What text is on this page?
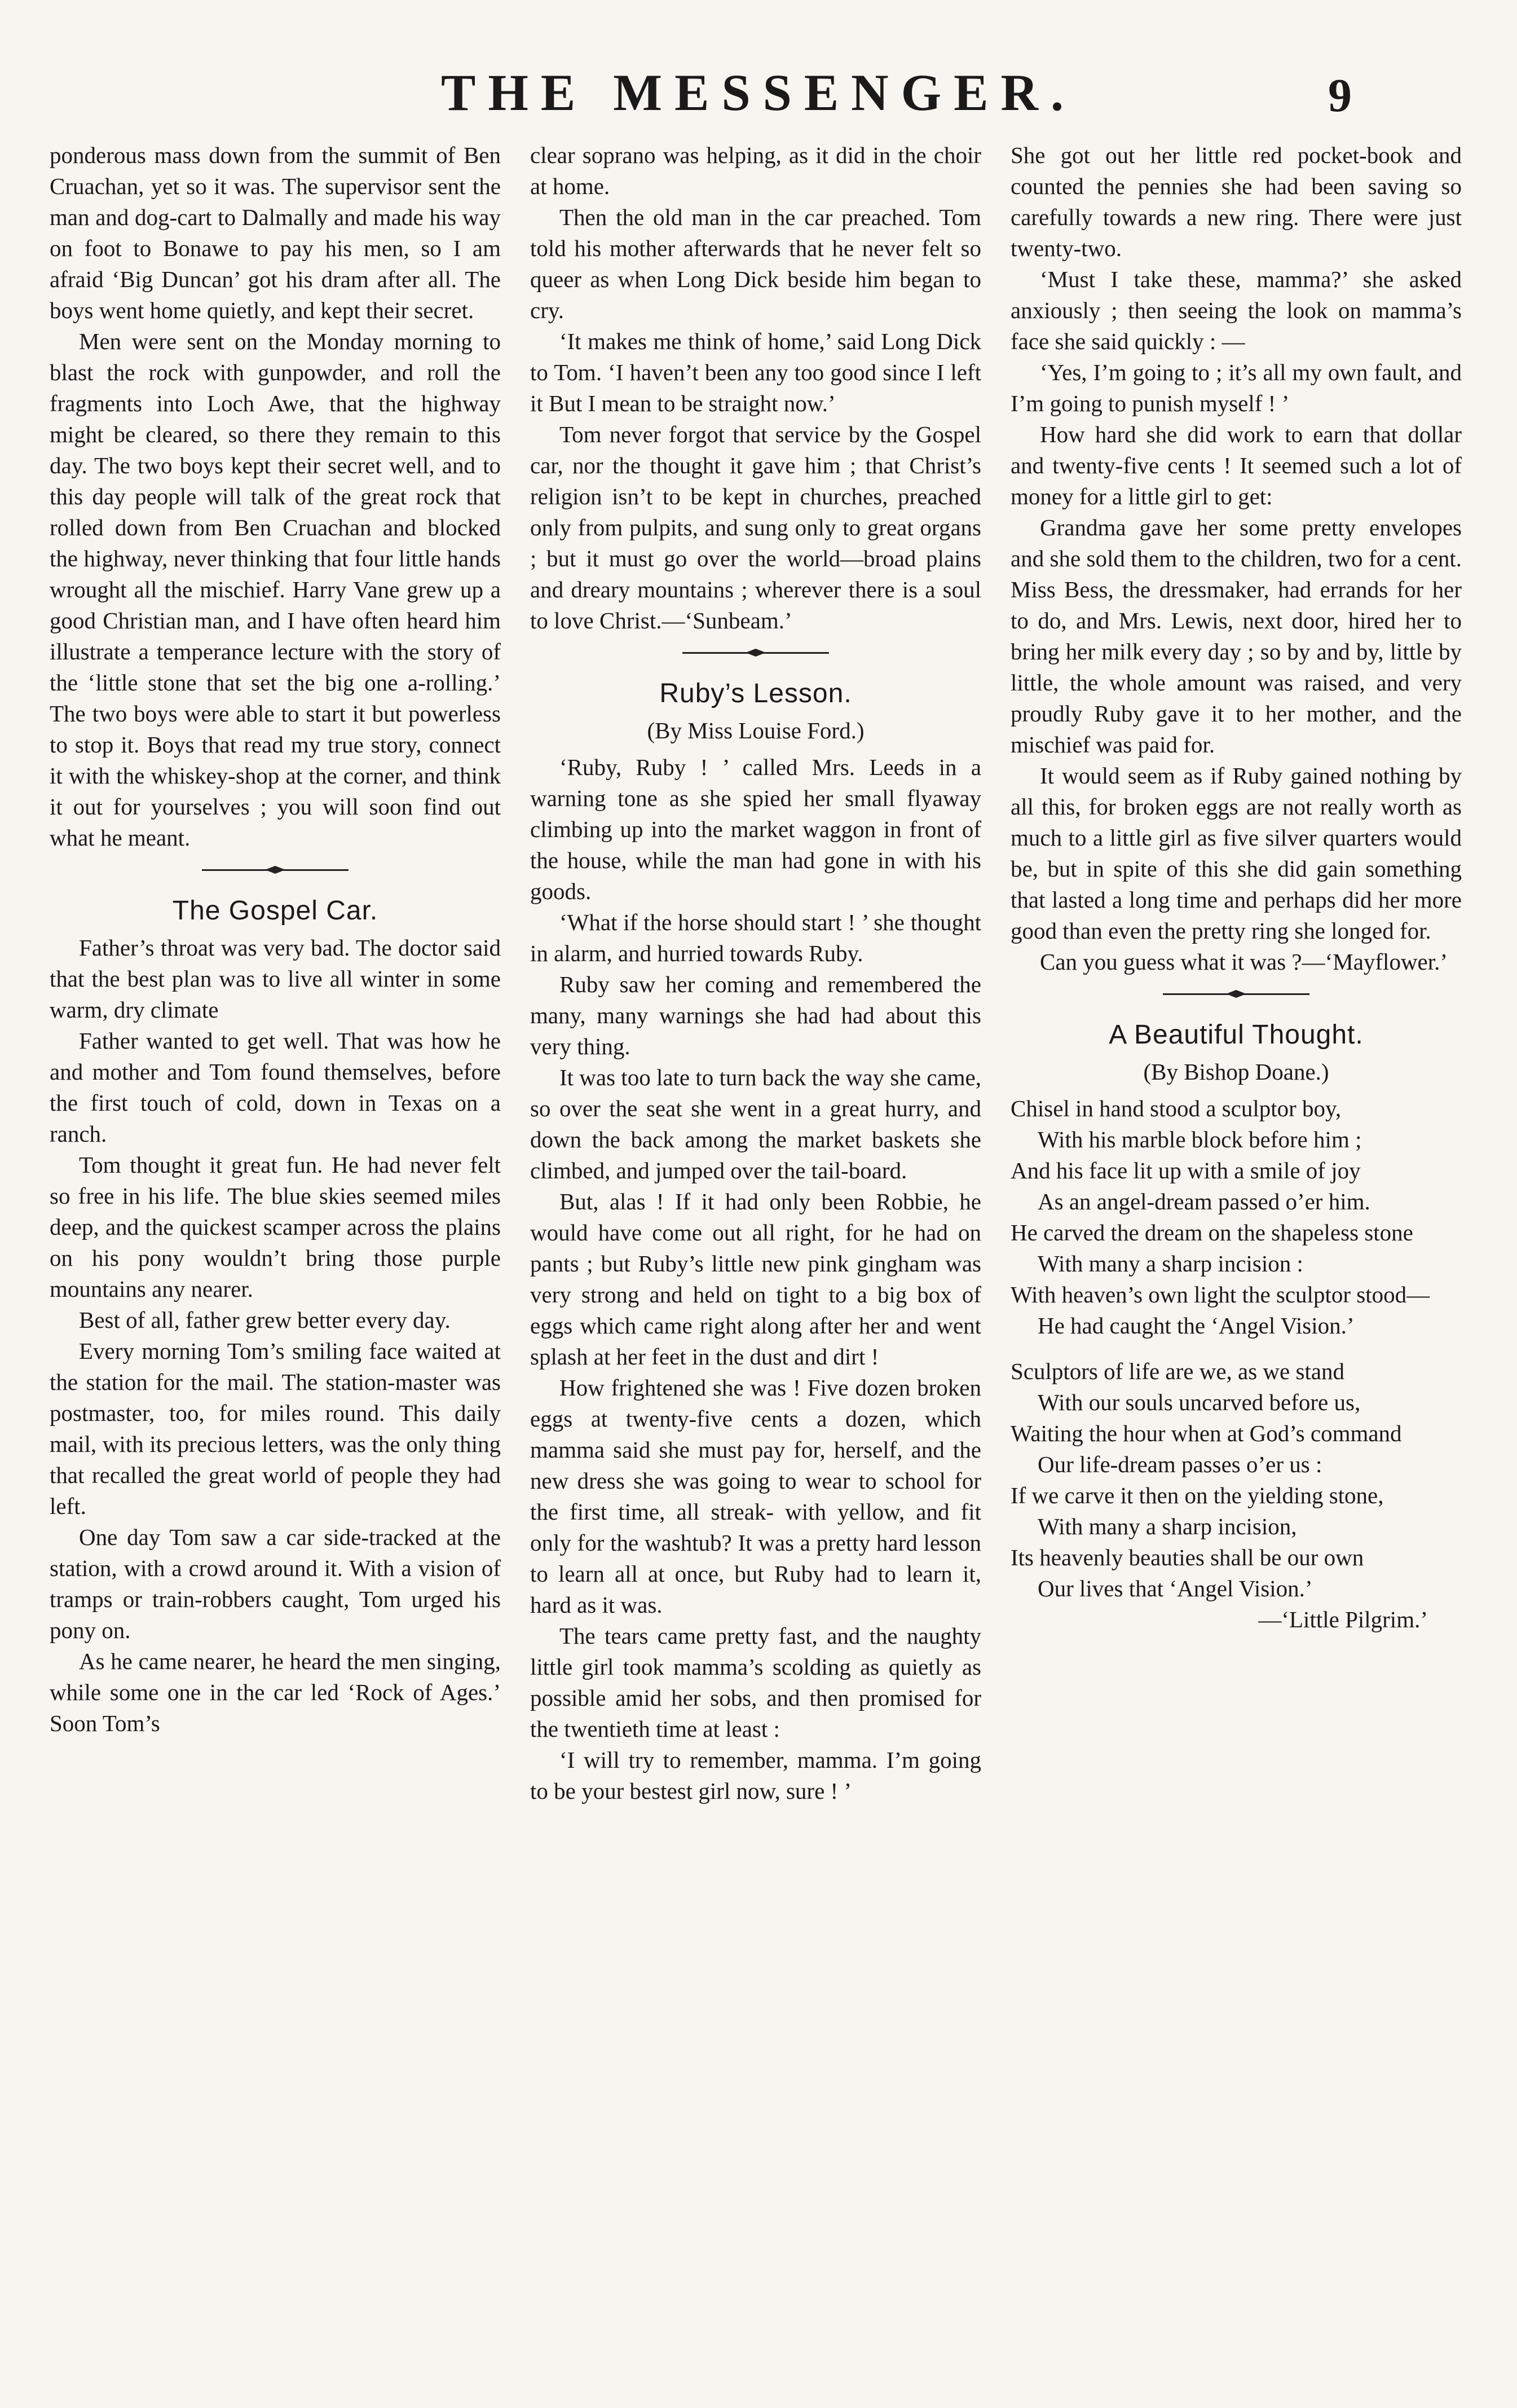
THE MESSENGER.	9

ponderous mass down from the summit of Ben Cruachan, yet so it was. The supervisor sent the man and dog-cart to Dalmally and made his way on foot to Bonawe to pay his men, so I am afraid ‘Big Duncan’ got his dram after all. The boys went home quietly, and kept their secret.

Men were sent on the Monday morning to blast the rock with gunpowder, and roll the fragments into Loch Awe, that the highway might be cleared, so there they remain to this day. The two boys kept their secret well, and to this day people will talk of the great rock that rolled down from Ben Cruachan and blocked the highway, never thinking that four little hands wrought all the mischief. Harry Vane grew up a good Christian man, and I have often heard him illustrate a temperance lecture with the story of the ‘little stone that set the big one a-rolling.’ The two boys were able to start it but powerless to stop it. Boys that read my true story, connect it with the whiskey-shop at the corner, and think it out for yourselves ; you will soon find out what he meant.

The Gospel Car.

Father’s throat was very bad. The doctor said that the best plan was to live all winter in some warm, dry climate

Father wanted to get well. That was how he and mother and Tom found themselves, before the first touch of cold, down in Texas on a ranch.

Tom thought it great fun. He had never felt so free in his life. The blue skies seemed miles deep, and the quickest scamper across the plains on his pony wouldn’t bring those purple mountains any nearer.

Best of all, father grew better every day.

Every morning Tom’s smiling face waited at the station for the mail. The station-master was postmaster, too, for miles round. This daily mail, with its precious letters, was the only thing that recalled the great world of people they had left.

One day Tom saw a car side-tracked at the station, with a crowd around it. With a vision of tramps or train-robbers caught, Tom urged his pony on.

As he came nearer, he heard the men singing, while some one in the car led ‘Rock of Ages.’ Soon Tom’s

clear soprano was helping, as it did in the choir at home.

Then the old man in the car preached. Tom told his mother afterwards that he never felt so queer as when Long Dick beside him began to cry.

‘It makes me think of home,’ said Long Dick to Tom. ‘I haven’t been any too good since I left it But I mean to be straight now.’

Tom never forgot that service by the Gospel car, nor the thought it gave him ; that Christ’s religion isn’t to be kept in churches, preached only from pulpits, and sung only to great organs ; but it must go over the world—broad plains and dreary mountains ; wherever there is a soul to love Christ.—‘Sunbeam.’

Ruby’s Lesson.
(By Miss Louise Ford.)

‘Ruby, Ruby ! ’ called Mrs. Leeds in a warning tone as she spied her small flyaway climbing up into the market waggon in front of the house, while the man had gone in with his goods.

‘What if the horse should start ! ’ she thought in alarm, and hurried towards Ruby.

Ruby saw her coming and remembered the many, many warnings she had had about this very thing.

It was too late to turn back the way she came, so over the seat she went in a great hurry, and down the back among the market baskets she climbed, and jumped over the tail-board.

But, alas ! If it had only been Robbie, he would have come out all right, for he had on pants ; but Ruby’s little new pink gingham was very strong and held on tight to a big box of eggs which came right along after her and went splash at her feet in the dust and dirt !

How frightened she was ! Five dozen broken eggs at twenty-five cents a dozen, which mamma said she must pay for, herself, and the new dress she was going to wear to school for the first time, all streak- with yellow, and fit only for the washtub? It was a pretty hard lesson to learn all at once, but Ruby had to learn it, hard as it was.

The tears came pretty fast, and the naughty little girl took mamma’s scolding as quietly as possible amid her sobs, and then promised for the twentieth time at least :

‘I will try to remember, mamma. I’m going to be your bestest girl now, sure ! ’

She got out her little red pocket-book and counted the pennies she had been saving so carefully towards a new ring. There were just twenty-two.

‘Must I take these, mamma?’ she asked anxiously ; then seeing the look on mamma’s face she said quickly : —

‘Yes, I’m going to ; it’s all my own fault, and I’m going to punish myself ! ’

How hard she did work to earn that dollar and twenty-five cents ! It seemed such a lot of money for a little girl to get:

Grandma gave her some pretty envelopes and she sold them to the children, two for a cent. Miss Bess, the dressmaker, had errands for her to do, and Mrs. Lewis, next door, hired her to bring her milk every day ; so by and by, little by little, the whole amount was raised, and very proudly Ruby gave it to her mother, and the mischief was paid for.

It would seem as if Ruby gained nothing by all this, for broken eggs are not really worth as much to a little girl as five silver quarters would be, but in spite of this she did gain something that lasted a long time and perhaps did her more good than even the pretty ring she longed for.

Can you guess what it was ?—‘Mayflower.’

A Beautiful Thought.
(By Bishop Doane.)
Chisel in hand stood a sculptor boy,
With his marble block before him ;
And his face lit up with a smile of joy
As an angel-dream passed o’er him.
He carved the dream on the shapeless stone
With many a sharp incision :
With heaven’s own light the sculptor stood—
He had caught the ‘Angel Vision.’
Sculptors of life are we, as we stand
With our souls uncarved before us,
Waiting the hour when at God’s command
Our life-dream passes o’er us :
If we carve it then on the yielding stone,
With many a sharp incision,
Its heavenly beauties shall be our own
Our lives that ‘Angel Vision.’
—‘Little Pilgrim.’
